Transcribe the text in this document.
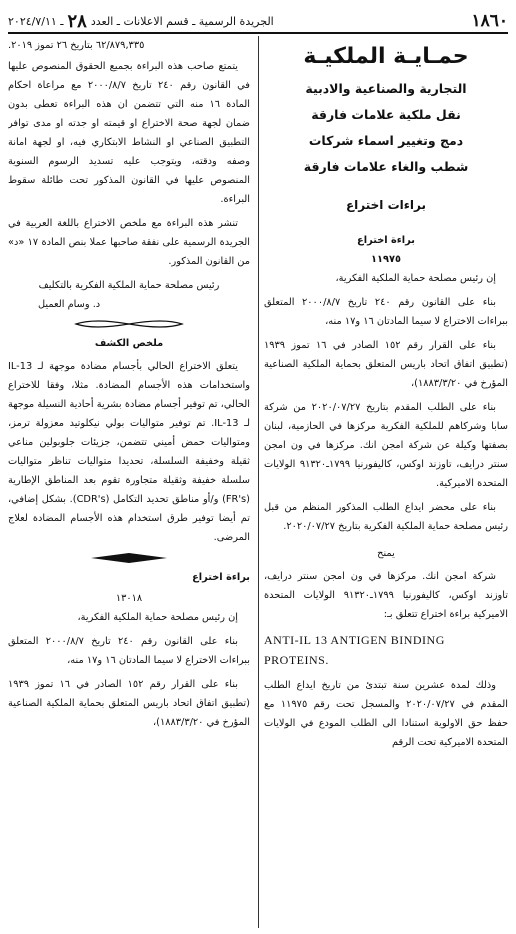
١٨٦٠
الجريدة الرسمية ـ قسم الاعلانات ـ العدد
٢٨
ـ ٢٠٢٤/٧/١١
حمـايـة الملكيـة
التجارية والصناعية والادبية
نقل ملكية علامات فارقة
دمج وتغيير اسماء شركات
شطب والغاء علامات فارقة
براءات اختراع
براءة اختراع
١١٩٧٥

إن رئيس مصلحة حماية الملكية الفكرية،

بناء على القانون رقم ٢٤٠ تاريخ ٢٠٠٠/٨/٧ المتعلق ببراءات الاختراع لا سيما المادتان ١٦ و١٧ منه،

بناء على القرار رقم ١٥٢ الصادر في ١٦ تموز ١٩٣٩ (تطبيق اتفاق اتحاد باريس المتعلق بحماية الملكية الصناعية المؤرخ في ١٨٨٣/٣/٢٠)،

بناء على الطلب المقدم بتاريخ ٢٠٢٠/٠٧/٢٧ من شركة سابا وشركاهم للملكية الفكرية مركزها في الحازمية، لبنان بصفتها وكيلة عن شركة امجن انك. مركزها في ون امجن سنتر درايف، تاوزند اوكس، كاليفورنيا ١٧٩٩ـ٩١٣٢٠ الولايات المتحدة الاميركية.

بناء على محضر ايداع الطلب المذكور المنظم من قبل رئيس مصلحة حماية الملكية الفكرية بتاريخ ٢٠٢٠/٠٧/٢٧.

يمنح

شركة امجن انك. مركزها في ون امجن سنتر درايف، تاوزند اوكس، كاليفورنيا ١٧٩٩ـ٩١٣٢٠ الولايات المتحدة الاميركية براءة اختراع تتعلق بـ:

ANTI-IL 13 ANTIGEN BINDING PROTEINS.

وذلك لمدة عشرين سنة تبتدئ من تاريخ ايداع الطلب المقدم في ٢٠٢٠/٠٧/٢٧ والمسجل تحت رقم ١١٩٧٥ مع حفظ حق الاولوية استنادا الى الطلب المودع في الولايات المتحدة الاميركية تحت الرقم

٦٢/٨٧٩,٣٣٥ بتاريخ ٢٦ تموز ٢٠١٩.

يتمتع صاحب هذه البراءة بجميع الحقوق المنصوص عليها في القانون رقم ٢٤٠ تاريخ ٢٠٠٠/٨/٧ مع مراعاة احكام المادة ١٦ منه التي تتضمن ان هذه البراءة تعطى بدون ضمان لجهة صحة الاختراع او قيمته او جدته او مدى توافر التطبيق الصناعي او النشاط الابتكاري فيه، او لجهة امانة وصفه ودقته، ويتوجب عليه تسديد الرسوم السنوية المنصوص عليها في القانون المذكور تحت طائلة سقوط البراءة.

تنشر هذه البراءة مع ملخص الاختراع باللغة العربية في الجريدة الرسمية على نفقة صاحبها عملا بنص المادة ١٧ «د» من القانون المذكور.

رئيس مصلحة حماية الملكية الفكرية بالتكليف
د. وسام العميل
ملخص الكشف

يتعلق الاختراع الحالي بأجسام مضادة موجهة لـ IL-13 واستخدامات هذه الأجسام المضادة. مثلا، وفقا للاختراع الحالي، تم توفير أجسام مضادة بشرية أحادية النسيلة موجهة لـ IL-13. تم توفير متواليات بولي نيكلوتيد معزولة ترمز، ومتواليات حمض أميني تتضمن، جزيئات جلوبولين مناعي ثقيلة وخفيفة السلسلة، تحديدا متواليات تناظر متواليات سلسلة خفيفة وثقيلة متجاورة تقوم بعد المناطق الإطارية (FR's) و/أو مناطق تحديد التكامل (CDR's). بشكل إضافي، تم أيضا توفير طرق استخدام هذه الأجسام المضادة لعلاج المرضى.

براءة اختراع
١٣٠١٨

إن رئيس مصلحة حماية الملكية الفكرية،

بناء على القانون رقم ٢٤٠ تاريخ ٢٠٠٠/٨/٧ المتعلق ببراءات الاختراع لا سيما المادتان ١٦ و١٧ منه،

بناء على القرار رقم ١٥٢ الصادر في ١٦ تموز ١٩٣٩ (تطبيق اتفاق اتحاد باريس المتعلق بحماية الملكية الصناعية المؤرخ في ١٨٨٣/٣/٢٠)،
